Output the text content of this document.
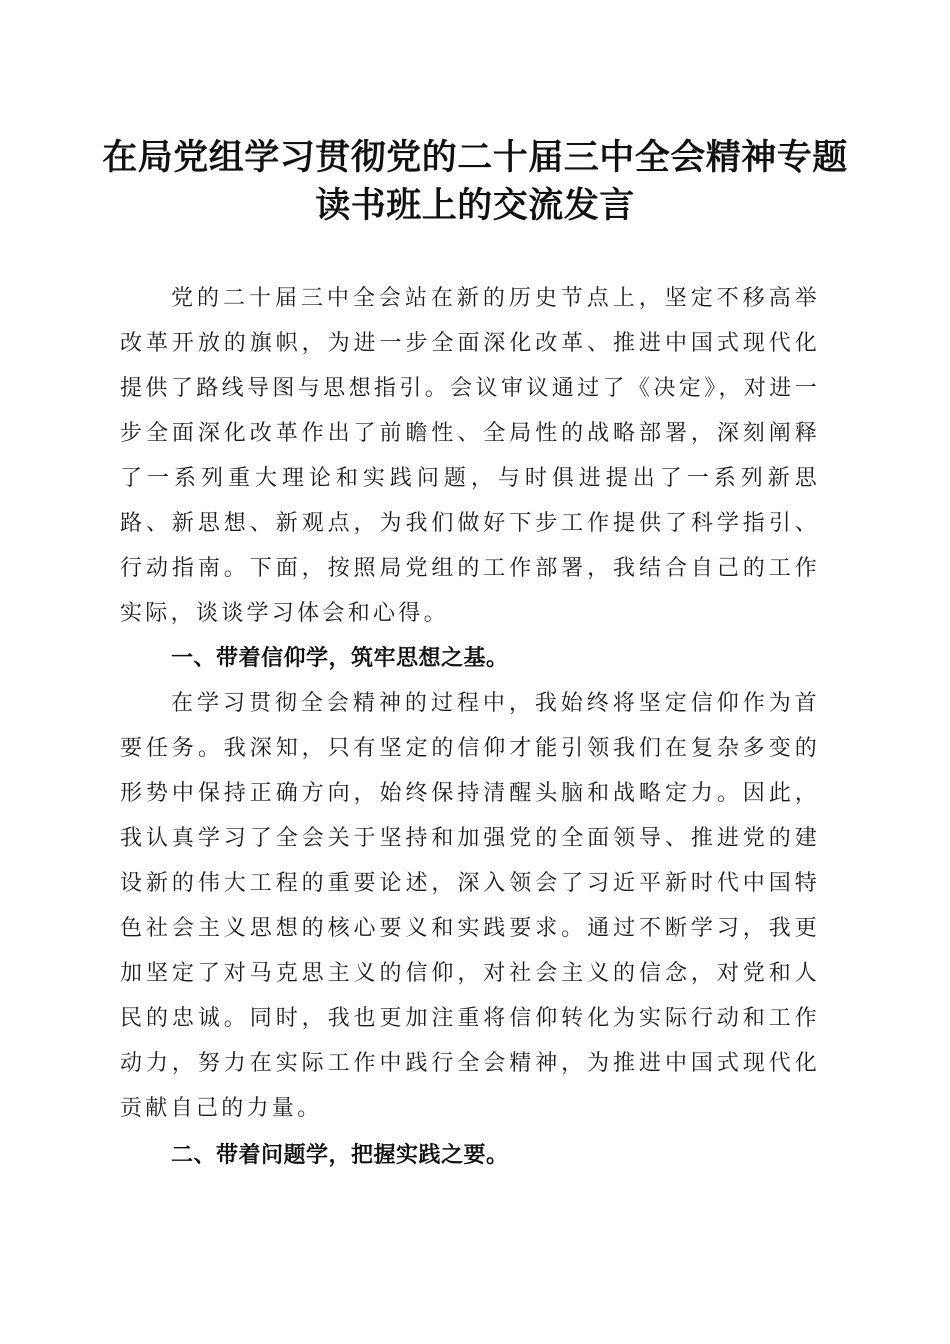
在局党组学习贯彻党的二十届三中全会精神专题读书班上的交流发言

党的二十届三中全会站在新的历史节点上，坚定不移高举改革开放的旗帜，为进一步全面深化改革、推进中国式现代化提供了路线导图与思想指引。会议审议通过了《决定》，对进一步全面深化改革作出了前瞻性、全局性的战略部署，深刻阐释了一系列重大理论和实践问题，与时俱进提出了一系列新思路、新思想、新观点，为我们做好下步工作提供了科学指引、行动指南。下面，按照局党组的工作部署，我结合自己的工作实际，谈谈学习体会和心得。

一、带着信仰学，筑牢思想之基。

在学习贯彻全会精神的过程中，我始终将坚定信仰作为首要任务。我深知，只有坚定的信仰才能引领我们在复杂多变的形势中保持正确方向，始终保持清醒头脑和战略定力。因此，我认真学习了全会关于坚持和加强党的全面领导、推进党的建设新的伟大工程的重要论述，深入领会了习近平新时代中国特色社会主义思想的核心要义和实践要求。通过不断学习，我更加坚定了对马克思主义的信仰，对社会主义的信念，对党和人民的忠诚。同时，我也更加注重将信仰转化为实际行动和工作动力，努力在实际工作中践行全会精神，为推进中国式现代化贡献自己的力量。

二、带着问题学，把握实践之要。
